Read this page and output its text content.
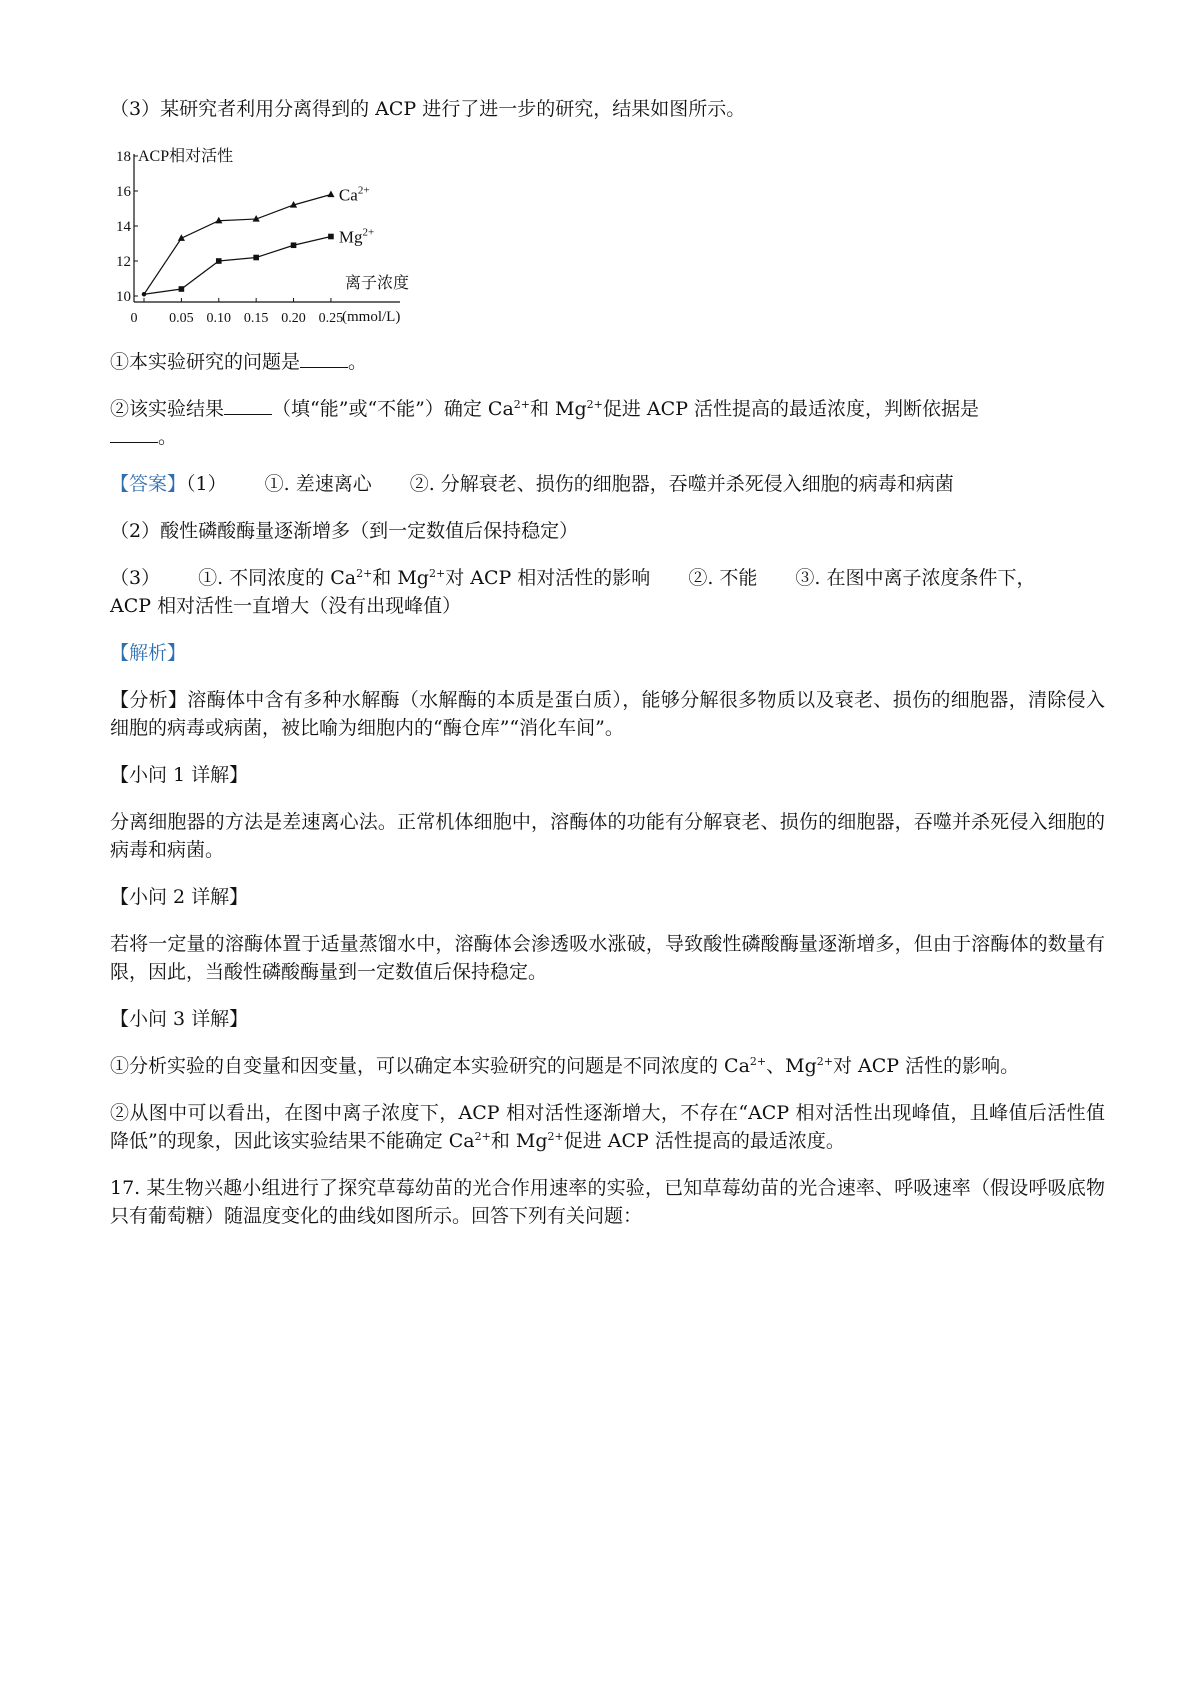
（3）某研究者利用分离得到的 ACP 进行了进一步的研究，结果如图所示。

10
12
14
16
18 ACP相对活性
0 0.05 0.10 0.15 0.20 0.25
离子浓度
(mmol/L)
$Ca^{2+}$
$Mg^{2+}$

①本实验研究的问题是	。

②该实验结果	（填“能”或“不能”）确定 $Ca^{2+}$和 $Mg^{2+}$促进 ACP 活性提高的最适浓度，判断依据是
。

【答案】（1） ①. 差速离心 ②. 分解衰老、损伤的细胞器，吞噬并杀死侵入细胞的病毒和病菌

（2）酸性磷酸酶量逐渐增多（到一定数值后保持稳定）

（3） ①. 不同浓度的 $Ca^{2+}$和 $Mg^{2+}$对 ACP 相对活性的影响 ②. 不能 ③. 在图中离子浓度条件下，
ACP 相对活性一直增大（没有出现峰值）

【解析】

【分析】溶酶体中含有多种水解酶（水解酶的本质是蛋白质），能够分解很多物质以及衰老、损伤的细胞器，清除侵入细胞的病毒或病菌，被比喻为细胞内的“酶仓库”“消化车间”。

【小问 1 详解】

分离细胞器的方法是差速离心法。正常机体细胞中，溶酶体的功能有分解衰老、损伤的细胞器，吞噬并杀死侵入细胞的病毒和病菌。

【小问 2 详解】

若将一定量的溶酶体置于适量蒸馏水中，溶酶体会渗透吸水涨破，导致酸性磷酸酶量逐渐增多，但由于溶酶体的数量有限，因此，当酸性磷酸酶量到一定数值后保持稳定。

【小问 3 详解】

①分析实验的自变量和因变量，可以确定本实验研究的问题是不同浓度的 $Ca^{2+}$、$Mg^{2+}$对 ACP 活性的影响。

②从图中可以看出，在图中离子浓度下，ACP 相对活性逐渐增大，不存在“ACP 相对活性出现峰值，且峰值后活性值降低”的现象，因此该实验结果不能确定 $Ca^{2+}$和 $Mg^{2+}$促进 ACP 活性提高的最适浓度。

17. 某生物兴趣小组进行了探究草莓幼苗的光合作用速率的实验，已知草莓幼苗的光合速率、呼吸速率（假设呼吸底物只有葡萄糖）随温度变化的曲线如图所示。回答下列有关问题：
